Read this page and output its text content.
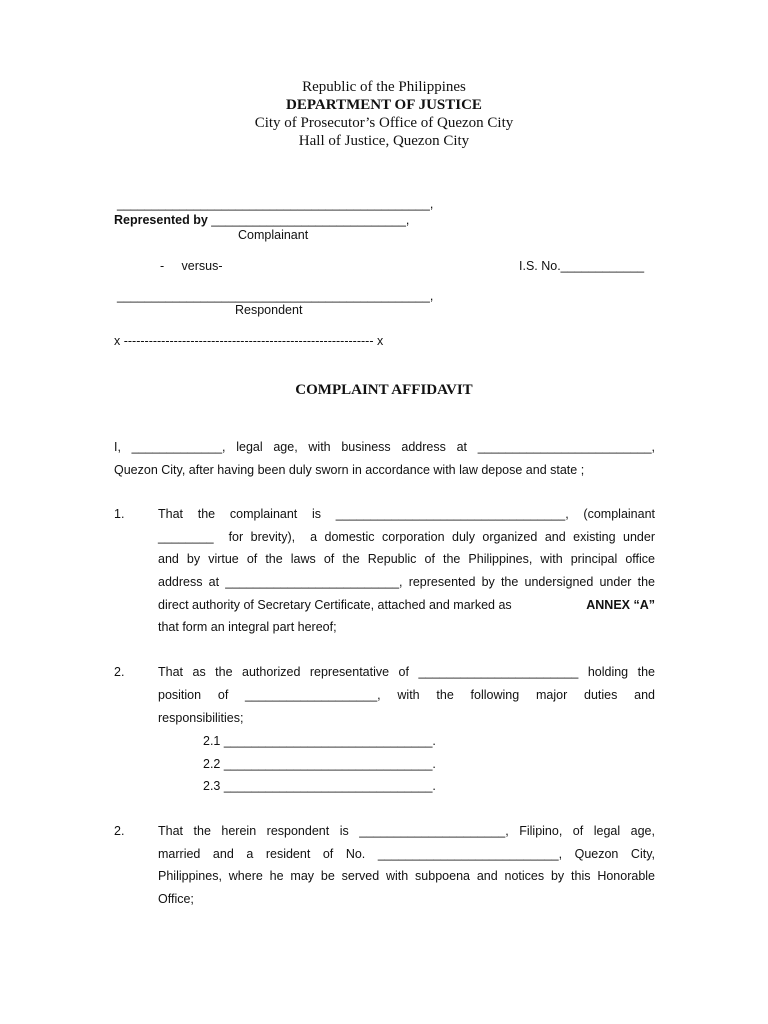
Republic of the Philippines
DEPARTMENT OF JUSTICE
City of Prosecutor’s Office of Quezon City
Hall of Justice, Quezon City
_____________________________________________,
Represented by ____________________________,
Complainant
-     versus-	I.S. No.____________
_____________________________________________,
Respondent
x ------------------------------------------------------------ x
COMPLAINT AFFIDAVIT
I,  _____________,  legal  age,  with  business  address  at  _________________________,
Quezon City, after having been duly sworn in accordance with law depose and state ;
1.	That  the  complainant  is  _________________________________,  (complainant
________  for brevity),  a domestic corporation duly organized and existing under
and by virtue of the laws of the Republic of the Philippines, with principal office
address at _________________________, represented by the undersigned under the
direct authority of Secretary Certificate, attached and marked as	ANNEX “A”
that form an integral part hereof;
2.	That  as  the  authorized  representative  of  _______________________  holding  the
position   of   ___________________,   with   the   following   major   duties   and
responsibilities;
2.1 ______________________________.
2.2 ______________________________.
2.3 ______________________________.
2.	That  the  herein  respondent  is  _____________________,  Filipino,  of  legal  age,
married  and  a  resident  of  No.  __________________________,  Quezon  City,
Philippines, where he may be served with subpoena and notices by this Honorable
Office;
